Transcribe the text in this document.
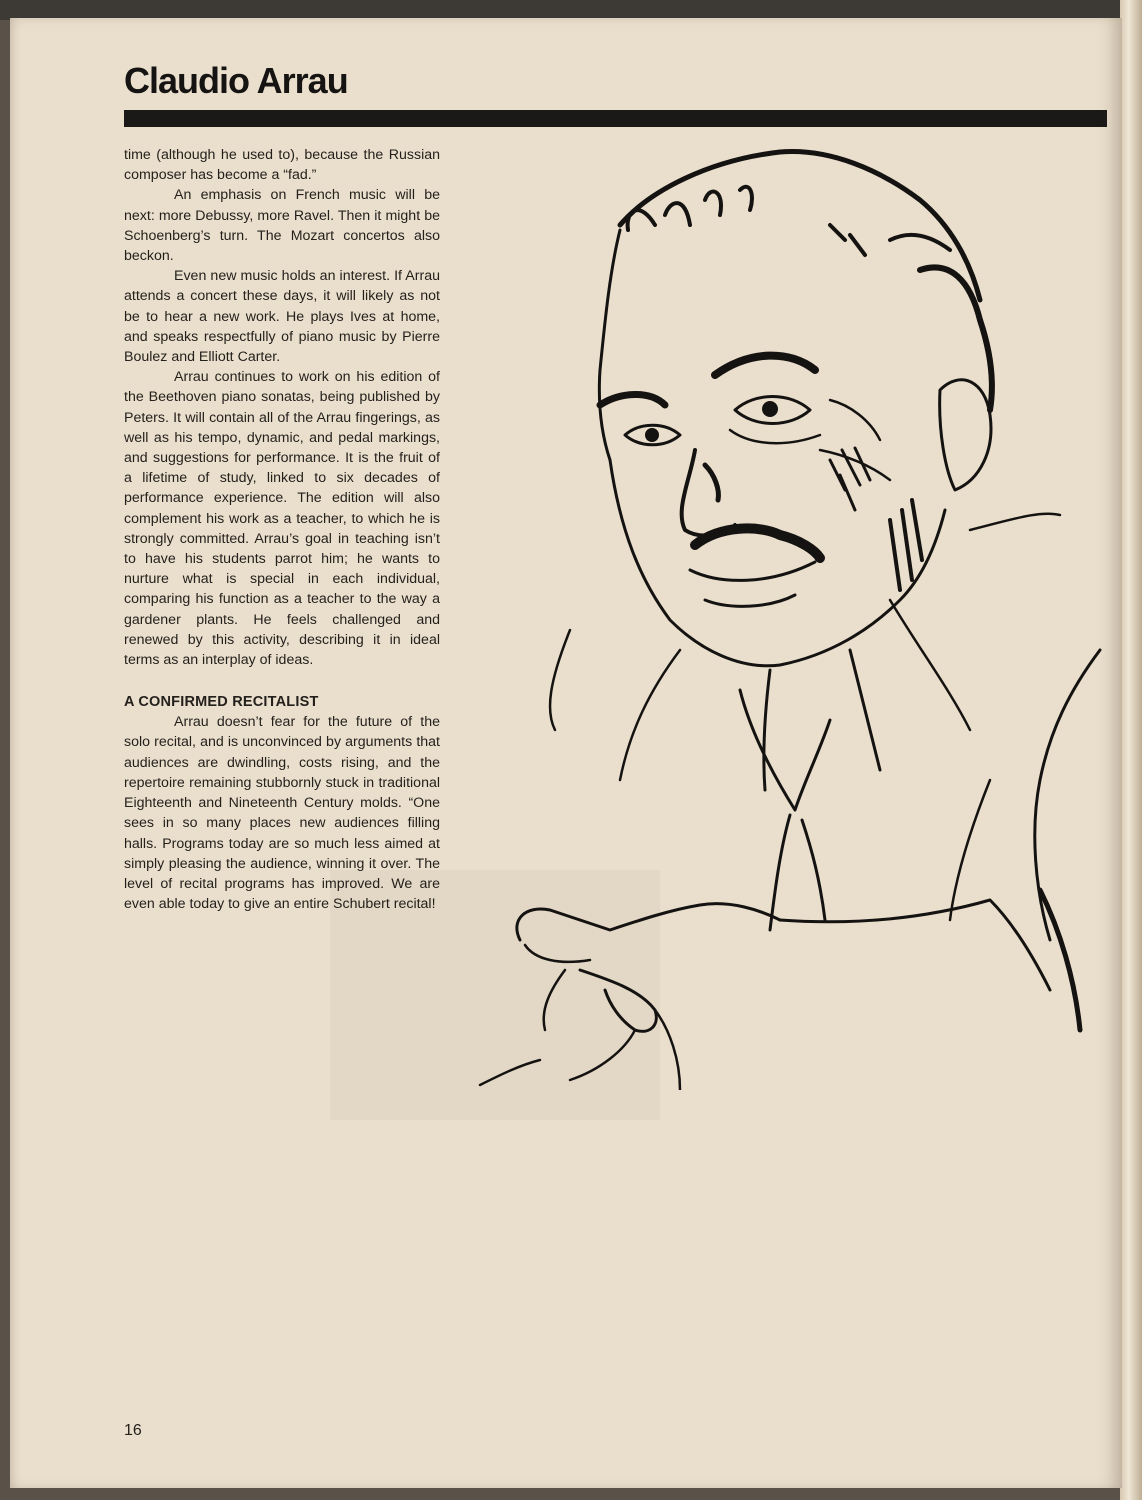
Claudio Arrau

time (although he used to), because the Russian composer has become a “fad.”

An emphasis on French music will be next: more Debussy, more Ravel. Then it might be Schoenberg’s turn. The Mozart concertos also beckon.

Even new music holds an interest. If Arrau attends a concert these days, it will likely as not be to hear a new work. He plays Ives at home, and speaks respectfully of piano music by Pierre Boulez and Elliott Carter.

Arrau continues to work on his edition of the Beethoven piano sonatas, being published by Peters. It will contain all of the Arrau fingerings, as well as his tempo, dynamic, and pedal markings, and suggestions for performance. It is the fruit of a lifetime of study, linked to six decades of performance experience. The edition will also complement his work as a teacher, to which he is strongly committed. Arrau’s goal in teaching isn’t to have his students parrot him; he wants to nurture what is special in each individual, comparing his function as a teacher to the way a gardener plants. He feels challenged and renewed by this activity, describing it in ideal terms as an interplay of ideas.

A CONFIRMED RECITALIST

Arrau doesn’t fear for the future of the solo recital, and is unconvinced by arguments that audiences are dwindling, costs rising, and the repertoire remaining stubbornly stuck in traditional Eighteenth and Nineteenth Century molds. “One sees in so many places new audiences filling halls. Programs today are so much less aimed at simply pleasing the audience, winning it over. The level of recital programs has improved. We are even able today to give an entire Schubert recital!

16
